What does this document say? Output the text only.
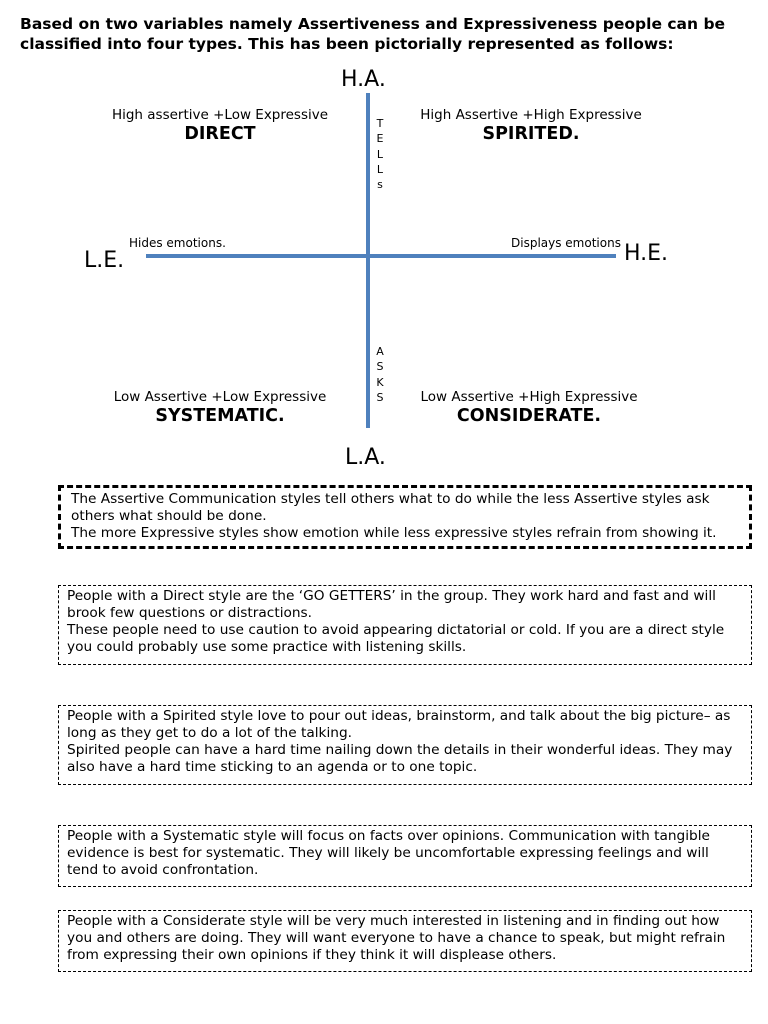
Based on two variables namely Assertiveness and Expressiveness people can be classified into four types. This has been pictorially represented as follows:
H.A.
L.A.
L.E.	H.E.
T
E
L
L
s
A
S
K
S
Hides emotions.	Displays emotions
High assertive +Low Expressive
DIRECT
High Assertive +High Expressive
SPIRITED.
Low Assertive +Low Expressive
SYSTEMATIC.
Low Assertive +High Expressive
CONSIDERATE.

The Assertive Communication styles tell others what to do while the less Assertive styles ask others what should be done.

The more Expressive styles show emotion while less expressive styles refrain from showing it.

People with a Direct style are the ‘GO GETTERS’ in the group. They work hard and fast and will brook few questions or distractions.

These people need to use caution to avoid appearing dictatorial or cold. If you are a direct style you could probably use some practice with listening skills.

People with a Spirited style love to pour out ideas, brainstorm, and talk about the big picture– as long as they get to do a lot of the talking.

Spirited people can have a hard time nailing down the details in their wonderful ideas. They may also have a hard time sticking to an agenda or to one topic.

People with a Systematic style will focus on facts over opinions. Communication with tangible evidence is best for systematic. They will likely be uncomfortable expressing feelings and will tend to avoid confrontation.

People with a Considerate style will be very much interested in listening and in finding out how you and others are doing. They will want everyone to have a chance to speak, but might refrain from expressing their own opinions if they think it will displease others.
